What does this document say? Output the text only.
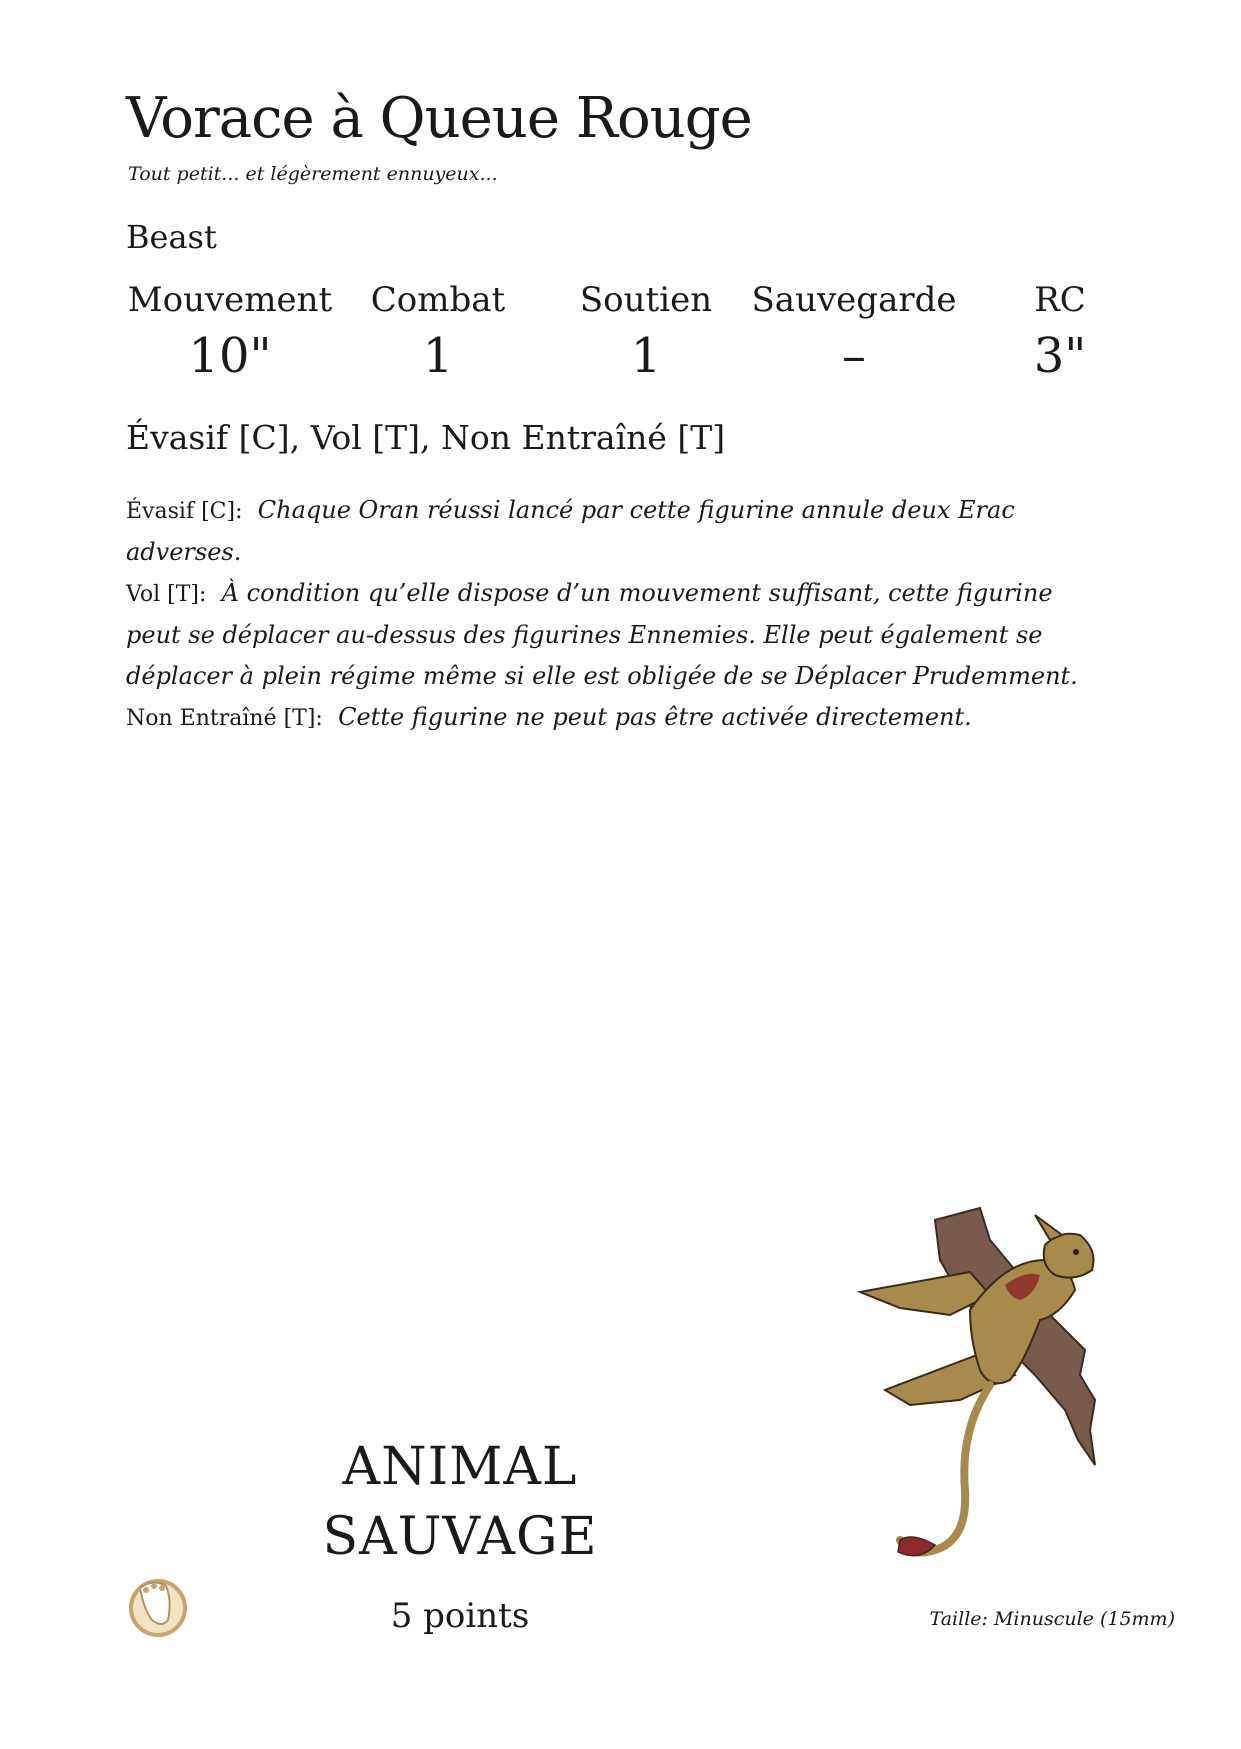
Vorace à Queue Rouge
Tout petit... et légèrement ennuyeux...
Beast
Mouvement
10"
Combat
1
Soutien
1
Sauvegarde
–
RC
3"
Évasif [C], Vol [T], Non Entraîné [T]

Évasif [C]: Chaque Oran réussi lancé par cette figurine annule deux Erac adverses.

Vol [T]: À condition qu’elle dispose d’un mouvement suffisant, cette figurine peut se déplacer au-dessus des figurines Ennemies. Elle peut également se déplacer à plein régime même si elle est obligée de se Déplacer Prudemment.

Non Entraîné [T]: Cette figurine ne peut pas être activée directement.

ANIMAL
SAUVAGE
5 points	Taille: Minuscule (15mm)
